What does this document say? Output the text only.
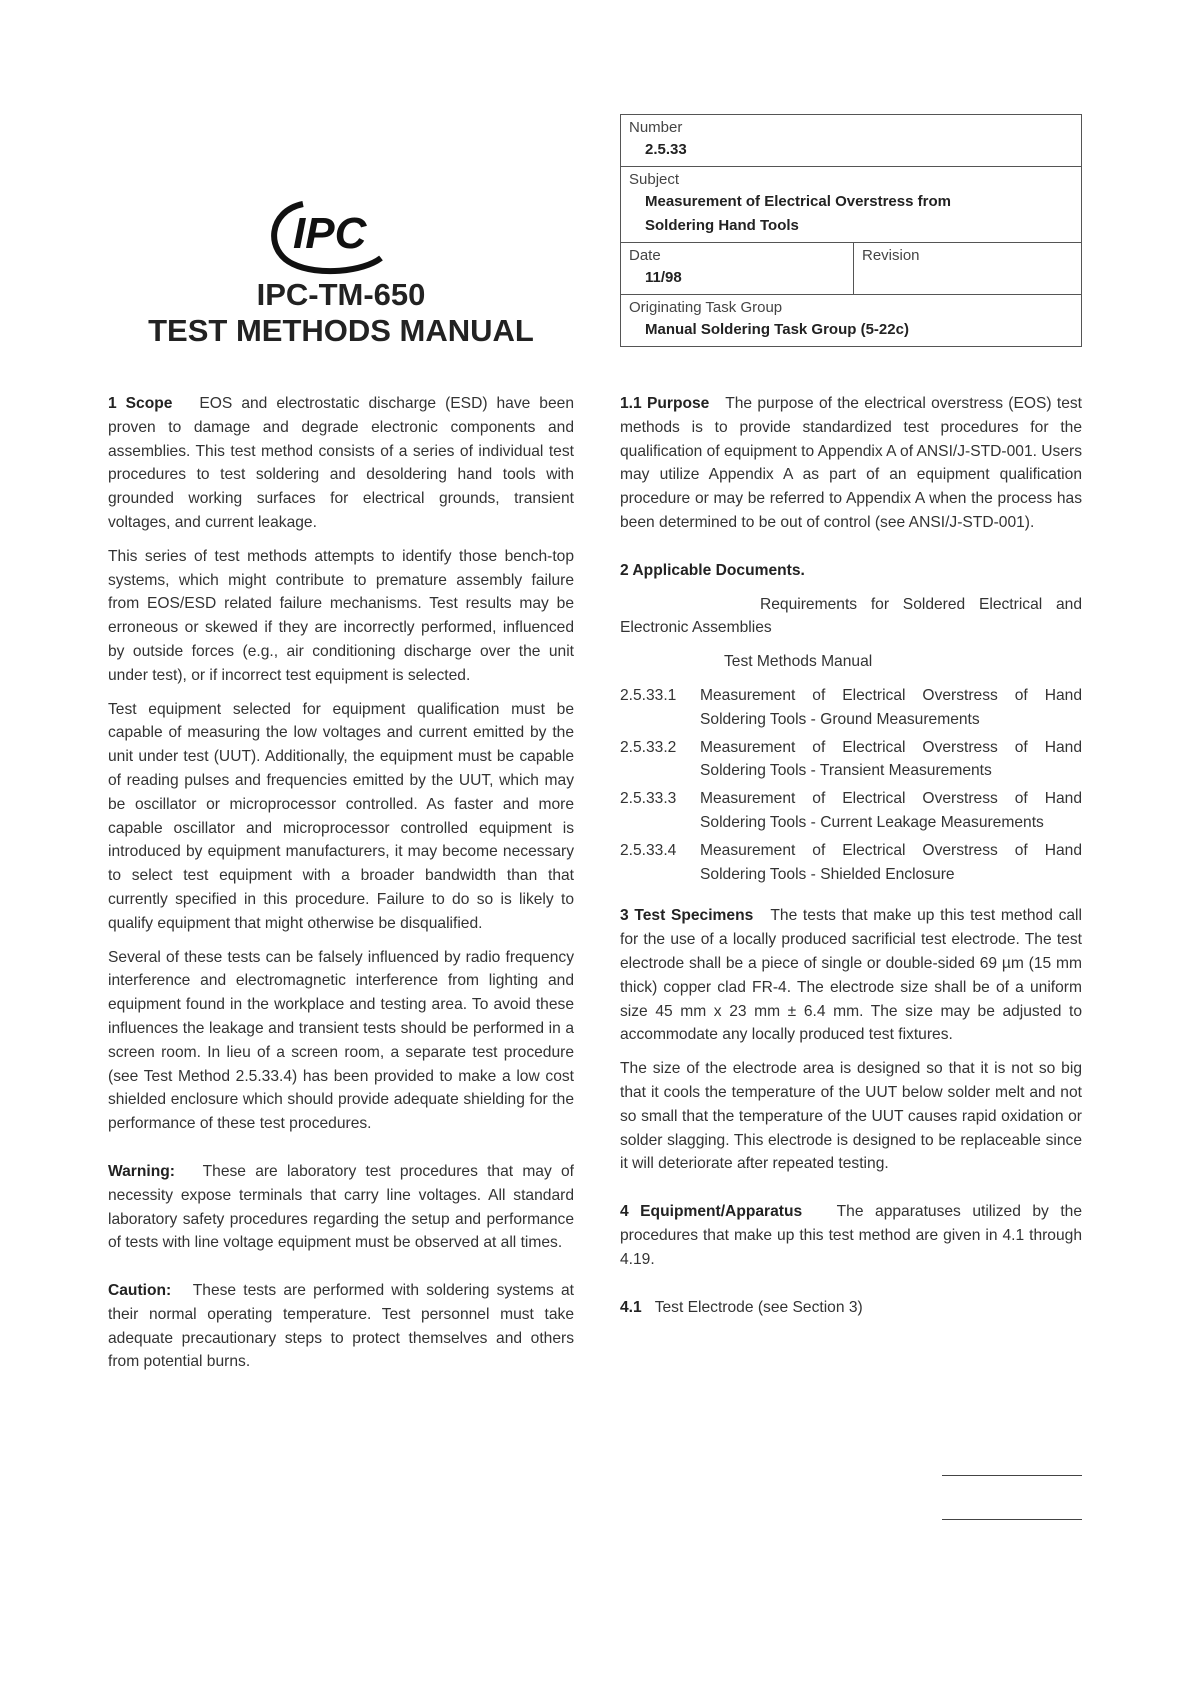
IPC
IPC-TM-650
TEST METHODS MANUAL
Number
2.5.33
Subject
Measurement of Electrical Overstress from
Soldering Hand Tools
Date
11/98
Revision
Originating Task Group
Manual Soldering Task Group (5-22c)

1 Scope EOS and electrostatic discharge (ESD) have been proven to damage and degrade electronic components and assemblies. This test method consists of a series of individual test procedures to test soldering and desoldering hand tools with grounded working surfaces for electrical grounds, transient voltages, and current leakage.

This series of test methods attempts to identify those bench-top systems, which might contribute to premature assembly failure from EOS/ESD related failure mechanisms. Test results may be erroneous or skewed if they are incorrectly performed, influenced by outside forces (e.g., air conditioning discharge over the unit under test), or if incorrect test equipment is selected.

Test equipment selected for equipment qualification must be capable of measuring the low voltages and current emitted by the unit under test (UUT). Additionally, the equipment must be capable of reading pulses and frequencies emitted by the UUT, which may be oscillator or microprocessor controlled. As faster and more capable oscillator and microprocessor controlled equipment is introduced by equipment manufacturers, it may become necessary to select test equipment with a broader bandwidth than that currently specified in this procedure. Failure to do so is likely to qualify equipment that might otherwise be disqualified.

Several of these tests can be falsely influenced by radio frequency interference and electromagnetic interference from lighting and equipment found in the workplace and testing area. To avoid these influences the leakage and transient tests should be performed in a screen room. In lieu of a screen room, a separate test procedure (see Test Method 2.5.33.4) has been provided to make a low cost shielded enclosure which should provide adequate shielding for the performance of these test procedures.

Warning: These are laboratory test procedures that may of necessity expose terminals that carry line voltages. All standard laboratory safety procedures regarding the setup and performance of tests with line voltage equipment must be observed at all times.

Caution: These tests are performed with soldering systems at their normal operating temperature. Test personnel must take adequate precautionary steps to protect themselves and others from potential burns.

1.1 Purpose The purpose of the electrical overstress (EOS) test methods is to provide standardized test procedures for the qualification of equipment to Appendix A of ANSI/J-STD-001. Users may utilize Appendix A as part of an equipment qualification procedure or may be referred to Appendix A when the process has been determined to be out of control (see ANSI/J-STD-001).

2 Applicable Documents.

Requirements for Soldered Electrical and Electronic Assemblies

Test Methods Manual

2.5.33.1	Measurement of Electrical Overstress of Hand Soldering Tools - Ground Measurements
2.5.33.2	Measurement of Electrical Overstress of Hand Soldering Tools - Transient Measurements
2.5.33.3	Measurement of Electrical Overstress of Hand Soldering Tools - Current Leakage Measurements
2.5.33.4	Measurement of Electrical Overstress of Hand Soldering Tools - Shielded Enclosure

3 Test Specimens The tests that make up this test method call for the use of a locally produced sacrificial test electrode. The test electrode shall be a piece of single or double-sided 69 µm (15 mm thick) copper clad FR-4. The electrode size shall be of a uniform size 45 mm x 23 mm ± 6.4 mm. The size may be adjusted to accommodate any locally produced test fixtures.

The size of the electrode area is designed so that it is not so big that it cools the temperature of the UUT below solder melt and not so small that the temperature of the UUT causes rapid oxidation or solder slagging. This electrode is designed to be replaceable since it will deteriorate after repeated testing.

4 Equipment/Apparatus The apparatuses utilized by the procedures that make up this test method are given in 4.1 through 4.19.

4.1 Test Electrode (see Section 3)
